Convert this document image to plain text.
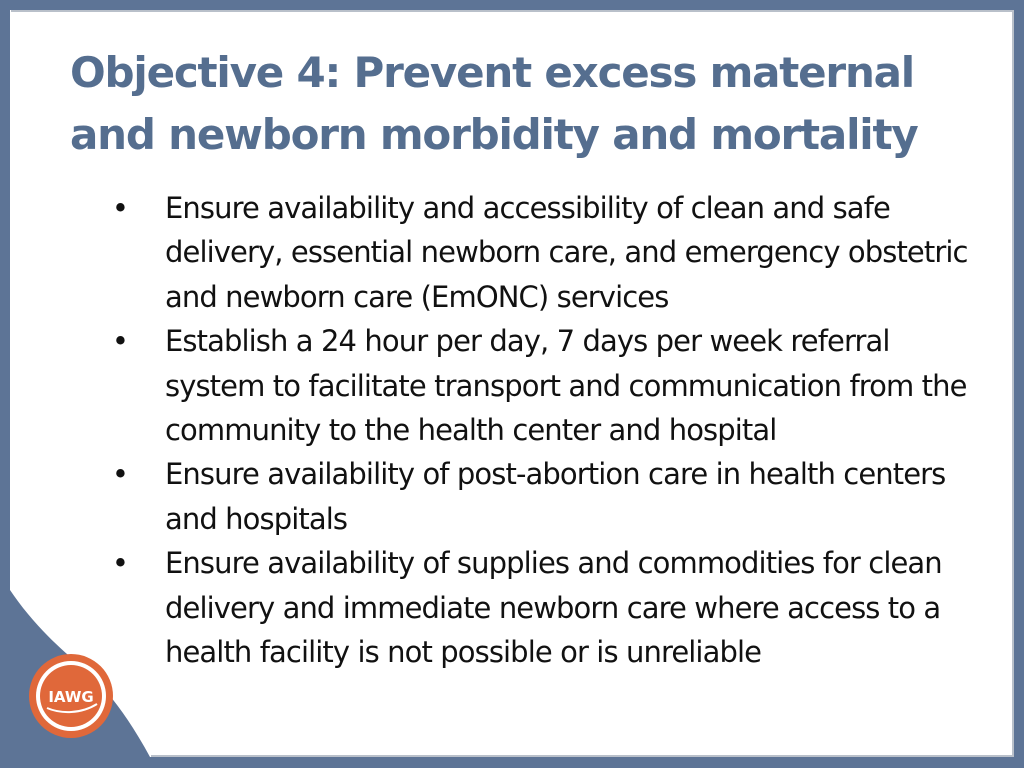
Objective 4: Prevent excess maternal and newborn morbidity and mortality
• Ensure availability and accessibility of clean and safe delivery, essential newborn care, and emergency obstetric and newborn care (EmONC) services
• Establish a 24 hour per day, 7 days per week referral system to facilitate transport and communication from the community to the health center and hospital
• Ensure availability of post-abortion care in health centers and hospitals
• Ensure availability of supplies and commodities for clean delivery and immediate newborn care where access to a health facility is not possible or is unreliable
IAWG
